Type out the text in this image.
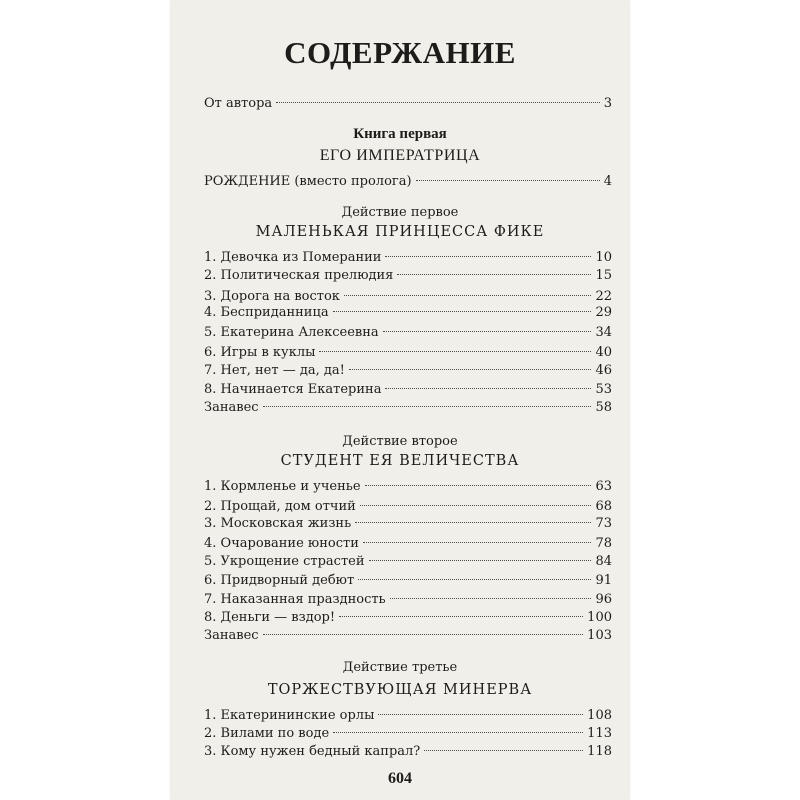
СОДЕРЖАНИЕ
От автора	3
Книга первая
ЕГО ИМПЕРАТРИЦА
РОЖДЕНИЕ (вместо пролога)	4
Действие первое
МАЛЕНЬКАЯ ПРИНЦЕССА ФИКЕ
1. Девочка из Померании	10
2. Политическая прелюдия	15
3. Дорога на восток	22
4. Бесприданница	29
5. Екатерина Алексеевна	34
6. Игры в куклы	40
7. Нет, нет — да, да!	46
8. Начинается Екатерина	53
Занавес	58
Действие второе
СТУДЕНТ ЕЯ ВЕЛИЧЕСТВА
1. Кормленье и ученье	63
2. Прощай, дом отчий	68
3. Московская жизнь	73
4. Очарование юности	78
5. Укрощение страстей	84
6. Придворный дебют	91
7. Наказанная праздность	96
8. Деньги — вздор!	100
Занавес	103
Действие третье
ТОРЖЕСТВУЮЩАЯ МИНЕРВА
1. Екатерининские орлы	108
2. Вилами по воде	113
3. Кому нужен бедный капрал?	118
604
